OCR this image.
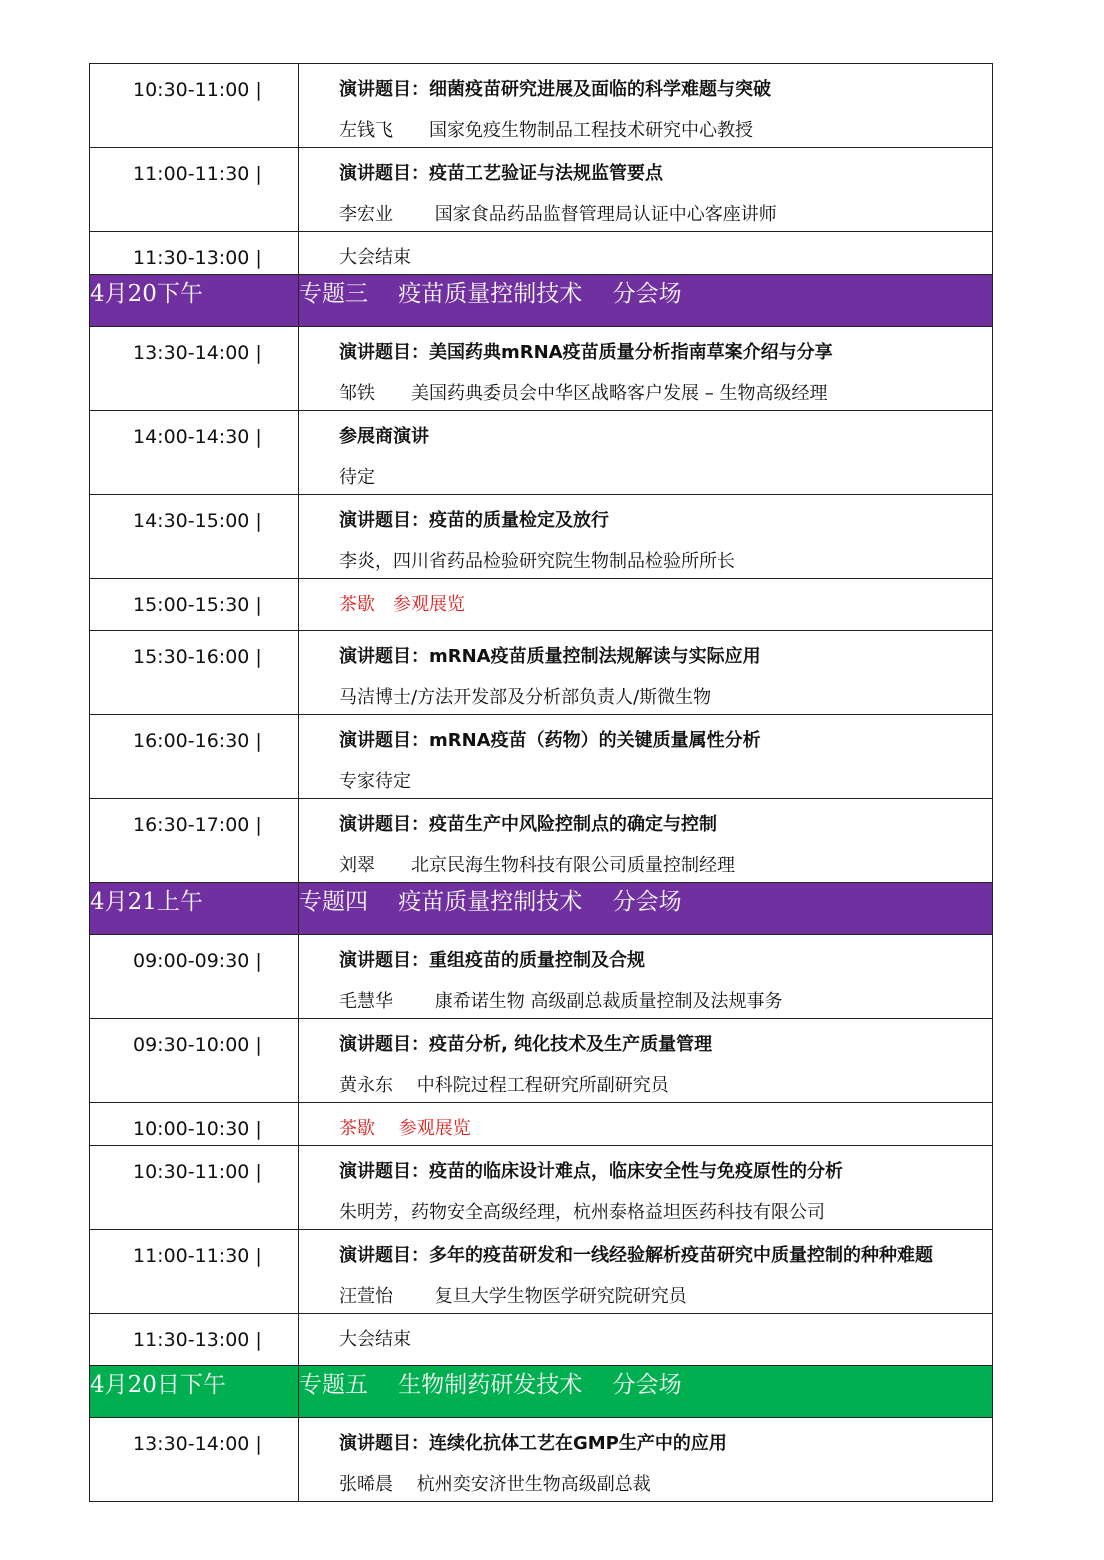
10:30-11:00 |	演讲题目：细菌疫苗研究进展及面临的科学难题与突破
左钱飞　　国家免疫生物制品工程技术研究中心教授

11:00-11:30 |	演讲题目：疫苗工艺验证与法规监管要点
李宏业　　 国家食品药品监督管理局认证中心客座讲师

11:30-13:00 |	大会结束

4月20下午	专题三　 疫苗质量控制技术　 分会场
13:30-14:00 |	演讲题目：美国药典mRNA疫苗质量分析指南草案介绍与分享
邹铁　　美国药典委员会中华区战略客户发展 – 生物高级经理

14:00-14:30 |	参展商演讲
待定

14:30-15:00 |	演讲题目：疫苗的质量检定及放行
李炎，四川省药品检验研究院生物制品检验所所长

15:00-15:30 |	茶歇　参观展览

15:30-16:00 |	演讲题目：mRNA疫苗质量控制法规解读与实际应用
马洁博士/方法开发部及分析部负责人/斯微生物

16:00-16:30 |	演讲题目：mRNA疫苗（药物）的关键质量属性分析
专家待定

16:30-17:00 |	演讲题目：疫苗生产中风险控制点的确定与控制
刘翠　　北京民海生物科技有限公司质量控制经理

4月21上午	专题四　 疫苗质量控制技术　 分会场
09:00-09:30 |	演讲题目：重组疫苗的质量控制及合规
毛慧华　　 康希诺生物 高级副总裁质量控制及法规事务

09:30-10:00 |	演讲题目：疫苗分析, 纯化技术及生产质量管理
黄永东　 中科院过程工程研究所副研究员

10:00-10:30 |	茶歇　 参观展览

10:30-11:00 |	演讲题目：疫苗的临床设计难点，临床安全性与免疫原性的分析
朱明芳，药物安全高级经理，杭州泰格益坦医药科技有限公司

11:00-11:30 |	演讲题目：多年的疫苗研发和一线经验解析疫苗研究中质量控制的种种难题
汪萱怡　　 复旦大学生物医学研究院研究员

11:30-13:00 |	大会结束

4月20日下午	专题五　 生物制药研发技术　 分会场
13:30-14:00 |	演讲题目：连续化抗体工艺在GMP生产中的应用
张晞晨　 杭州奕安济世生物高级副总裁
